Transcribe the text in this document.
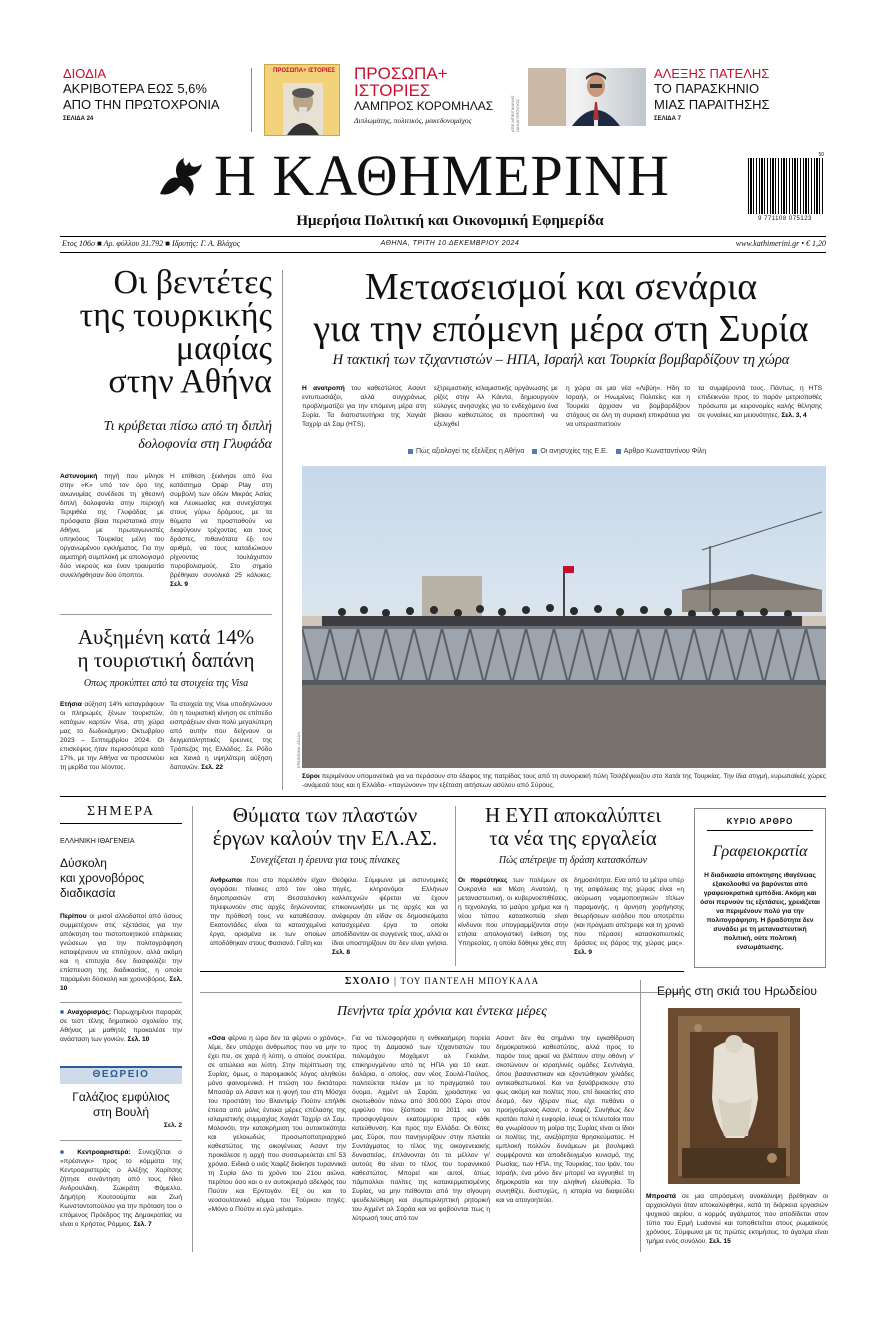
ΔΙΟΔΙΑ
ΑΚΡΙΒΟΤΕΡΑ ΕΩΣ 5,6%
ΑΠΟ ΤΗΝ ΠΡΩΤΟΧΡΟΝΙΑ
ΣΕΛΙΔΑ 24
ΠΡΟΣΩΠΑ+ ΙΣΤΟΡΙΕΣ ΠΡΟΣΩΠΑ+
ΙΣΤΟΡΙΕΣ
ΛΑΜΠΡΟΣ ΚΟΡΟΜΗΛΑΣ
Διπλωμάτης, πολιτικός, μακεδονομάχος	ΑΠΕ-ΜΠΕ/ΓΙΑΝΝΗΣ ΠΑΝΑΓΟΠΟΥΛΟΣ
ΑΛΕΞΗΣ ΠΑΤΕΛΗΣ
ΤΟ ΠΑΡΑΣΚΗΝΙΟ
ΜΙΑΣ ΠΑΡΑΙΤΗΣΗΣ
ΣΕΛΙΔΑ 7
Η ΚΑΘΗΜΕΡΙΝΗ
Ημερήσια Πολιτική και Οικονομική Εφημερίδα
50
9 771108 075123
Ετος 106ο ■ Αρ. φύλλου 31.792 ■ Ιδρυτής: Γ. Α. Βλάχος	ΑΘΗΝΑ, ΤΡΙΤΗ 10 ΔΕΚΕΜΒΡΙΟΥ 2024	www.kathimerini.gr • € 1,20
Οι βεντέτες
της τουρκικής
μαφίας
στην Αθήνα
Τι κρύβεται πίσω από τη διπλή δολοφονία στη Γλυφάδα
Αστυνομική πηγή που μίλησε στην «Κ» υπό τον όρο της ανωνυμίας συνέδεσε τη χθεσινή διπλή δολοφονία στην περιοχή Τερψιθέα της Γλυφάδας με πρόσφατα βίαια περιστατικά στην Αθήνα, με πρωταγωνιστές υπηκόους Τουρκίας μέλη του οργανωμένου εγκλήματος. Για την αιματηρή συμπλοκή με απολογισμό δύο νεκρούς και έναν τραυματία συνελήφθησαν δύο ύποπτοι.
Η επίθεση ξεκίνησε από ένα κατάστημα Opap Play στη συμβολή των οδών Μικράς Ασίας και Λευκωσίας και συνεχίστηκε στους γύρω δρόμους, με τα θύματα να προσπαθούν να διαφύγουν τρέχοντας και τους δράστες, πιθανότατα έξι τον αριθμό, να τους καταδιώκουν ρίχνοντας τουλάχιστον πυροβολισμούς. Στο σημείο βρέθηκαν συνολικά 25 κάλυκες. Σελ. 9
Αυξημένη κατά 14%
η τουριστική δαπάνη
Οπως προκύπτει από τα στοιχεία της Visa
Ετήσια αύξηση 14% καταγράφουν οι πληρωμές ξένων τουριστών, κατόχων καρτών Visa, στη χώρα μας το δωδεκάμηνο Οκτωβρίου 2023 – Σεπτεμβρίου 2024. Οι επισκέψεις ήταν περισσότερα κατά 17%, με την Αθήνα να προσελκύει τη μερίδα του λέοντος.
Τα στοιχεία της Visa υποδηλώνουν ότι η τουριστική κίνηση σε επίπεδο εισπράξεων είναι πολύ μεγαλύτερη από αυτήν που δείχνουν οι δειγματοληπτικές έρευνες της Τράπεζας της Ελλάδος. Σε Ρόδο και Χανιά η υψηλότερη αύξηση δαπανών. Σελ. 22
Μετασεισμοί και σενάρια
για την επόμενη μέρα στη Συρία
Η τακτική των τζιχαντιστών – ΗΠΑ, Ισραήλ και Τουρκία βομβαρδίζουν τη χώρα
Η ανατροπή του καθεστώτος Ασαντ εντυπωσιάζει, αλλά συγχρόνως προβληματίζει για την επόμενη μέρα στη Συρία. Τα διαπιστευτήρια της Χαγιάτ Ταχρίρ αλ Σαμ (HTS),
εξτρεμιστικής ισλαμιστικής οργάνωσης με ρίζες στην Αλ Κάιντα, δημιουργούν εύλογες ανησυχίες για το ενδεχόμενο ένα βίαιου καθεστώτος σε προοπτική να εξελιχθεί
η χώρα σε μια νέα «Λιβύη». Ηδη το Ισραήλ, οι Ηνωμένες Πολιτείες και η Τουρκία άρχισαν να βομβαρδίζουν στόχους σε όλη τη συριακή επικράτεια για να υπερασπιστούν
τα συμφέροντά τους. Πάντως, η HTS επιδεικνύει προς το παρόν μετριοπαθές πρόσωπο με κειρονομίες καλής θέλησης σε γυναίκες και μειονότητες. Σελ. 3, 4
Πώς αξιολογεί τις εξελίξεις η Αθήνα Οι ανησυχίες της Ε.Ε. Αρθρο Κωνσταντίνου Φίλη
EPA/KEMAL ASLAN
Σύροι περιμένουν υπομονετικά για να περάσουν στο έδαφος της πατρίδας τους από τη συνοριακή πύλη Τσιλβέγκιοζου στο Χατάι της Τουρκίας. Την ίδια στιγμή, ευρωπαϊκές χώρες -ανάμεσά τους και η Ελλάδα- «παγώνουν» την εξέταση αιτήσεων ασύλου από Σύρους.
ΣΗΜΕΡΑ
ΕΛΛΗΝΙΚΗ ΙΘΑΓΕΝΕΙΑ
Δύσκολη
και χρονοβόρος
διαδικασία
Περίπου οι μισοί αλλοδαποί από όσους συμμετέχουν στις εξετάσεις για την απόκτηση του πιστοποιητικού επάρκειας γνώσεων για την πολιτογράφηση καταφέρνουν να επιτύχουν, αλλά ακόμη και η επιτυχία δεν διασφαλίζει την επίσπευση της διαδικασίας, η οποία παραμένει δύσκολη και χρονοβόρος. Σελ. 10
■ Αναχορισμός: Παρωχημένοι παροράς σε τεστ τέλης δημοτικού σχολείου της Αθήνας με μαθητές προκαλέσε την ανάσταση των γονιών. Σελ. 10
ΘΕΩΡΕΙΟ
Γαλάζιος εμφύλιος
στη Βουλή
Σελ. 2
■ Κεντροαριστερά: Συνεχίζεται ο «πρέσινγκ» προς το κόμματα της Κεντροαριστεράς ο Αλέξης Χαρίτσης ζήτησε συνάντηση από τους Νίκο Ανδρουλάκη, Σωκράτη Φάμελλο, Δημήτρη Κουτσούμπα και Ζωή Κωνσταντοπούλου για την πρόταση του ο επόμενος Πρόεδρος της Δημοκρατίας να είναι ο Χρήστος Ρόμμος. Σελ. 7
Θύματα των πλαστών
έργων καλούν την ΕΛ.ΑΣ.
Συνεχίζεται η έρευνα για τους πίνακες
Ανθρωποι που στο παρελθόν είχαν αγοράσει πίνακες από τον οίκο δημοπρασιών στη Θεσσαλονίκη τηλεφωνούν στις αρχές δηλώνοντας την πρόθεσή τους να καταθέσουν. Εκατοντάδες είναι τα κατασχεμένα έργα, ορισμένα εκ των οποίων αποδόθηκαν στους Φασιανό, Γαΐτη και
Θεόφιλο. Σύμφωνα με αστυνομικές πηγές, κληρονόμοι Ελλήνων καλλιτεχνών φέρεται να έχουν επικοινωνήσει με τις αρχές και να ανέφεραν ότι είδαν σε δημοσιεύματα κατασχεμένα έργα τα οποία αποδίδονταν σε συγγενείς τους, αλλά οι ίδιοι υποστηρίζουν ότι δεν είναι γνήσια. Σελ. 8
Η ΕΥΠ αποκαλύπτει
τα νέα της εργαλεία
Πώς απέτρεψε τη δράση κατασκόπων
Οι πορεύτηκες των πολέμων σε Ουκρανία και Μέση Ανατολή, η μεταναστευτική, οι κυβερνοεπιθέσεις, η τεχνολογία, το μαύρο χρήμα και η νέου τύπου κατασκοπεία είναι κίνδυνοι που υπογραμμίζονται στην ετήσια απολογιστική έκθεση της Υπηρεσίας, η οποία δόθηκε χθες στη
δημοσιότητα. Ενα από τα μέτρα υπέρ της ασφάλειας της χώρας είναι «η ακύρωση νομιμοποιητικών τίτλων παραμονής, η άρνηση χορήγησης θεωρήσεων εισόδου που αποτρέπει (και πράγματι απέτρεψε και τη χρονιά που πέρασε) κατασκοπευτικές δράσεις εις βάρος της χώρας μας». Σελ. 9
ΚΥΡΙΟ ΑΡΘΡΟ
Γραφειοκρατία
Η διαδικασία απόκτησης ιθαγένειας εξακολουθεί να βαρύνεται από γραφειοκρατικά εμπόδια. Ακόμη και όσοι περνούν τις εξετάσεις, χρειάζεται να περιμένουν πολύ για την πολιτογράφηση. Η βραδύτητα δεν συνάδει με τη μεταναστευτική πολιτική, ούτε πολιτική ενσωμάτωσης.
ΣΧΟΛΙΟ | ΤΟΥ ΠΑΝΤΕΛΗ ΜΠΟΥΚΑΛΑ
Πενήντα τρία χρόνια και έντεκα μέρες
«Οσα φέρνει η ώρα δεν τα φέρνει ο χρόνος», λέμε, δεν υπάρχει άνθρωπος που να μην το έχει πει, σε χαρά ή λύπη, ο οποίος συνετέρα, σε απώλεια και λύπη. Στην περίπτωση της Συρίας, όμως, ο παροιμιακός λόγος αληθεύει μόνο φαινομενικά. Η πτώση του δικτάτορα Μπασάρ αλ Ασαντ και η φυγή του στη Μόσχα του προστάτη του Βλαντιμίρ Πούτιν επήλθε έπειτα από μόλις έντεκα μέρες επέλασης της ισλαμιστικής συμμαχίας Χαγιάτ Ταχρίρ αλ Σαμ. Μολονότι, την κατακρήμιση του αυτοκτικότητα και γελοιωδώς προσωποπατριαρχικό καθεστώτος της οικογένειας Ασαντ την προκάλεσε η αρχή που συσσωρεύεται επί 53 χρόνια. Ειδικά ο υιός Χαφέζ διοίκησε τυραννικά τη Συρία όλο το χρόνο του 21ου αιώνα, περίπου όσο και ο εν αυτοκρισμό αδελφός του Πούτιν και Ερντογάν. Εξ ου και το νεοσουλτανικό κόμμα του Τούρκου πηγές: «Μόνο ο Πούτιν κι εγώ μείναμε».
Για να τελεσφορήσει η ενθεκαήμερη πορεία προς τη Δαμασκό των τζιχαντιστών του πολυμάχου Μοχάμεντ αλ Γκολάνι, επικηρυγμένου από τις ΗΠΑ για 10 εκατ. δολάρια, ο οποίος, σαν νέος Σουλά-Παύλος, πολιτεύεται πλέον με το πραγματικό του όνομα, Αχμέντ αλ Σαράα, χρειάστηκε να σκοτωθούν πάνω από 300.000 Σύροι στον εμφύλιο που ξέσπασε το 2011 και να προσφυγέψουν εκατομμύρια προς κάθε κατεύθυνση. Και προς την Ελλάδα. Οι θύτες μας Σύροι, που πανηγυρίζουν στην πλατεία Συντάγματος το τέλος της οικογενειακής δυναστείας, έπλάνονται ότι το μέλλον γι' αυτούς θα είναι το τέλος του τυραννικού καθεστώτος. Μπορεί και αυτοί, όπως πάμπολλοι πολίτες της κατακερματισμένης Συρίας, να μην πείθονται από την σίγουρη ψευδελεύθερη και συμπεριληπτική ρητορική του Αχμέντ αλ Σαράα και να φοβούνται πως η λύτρωσή τους από τον
Ασαντ δεν θα σημάνει την εγκαθίδρυση δημοκρατικού καθεστώτος, αλλά προς το παρόν τους αρκεί να βλέπουν στην οθόνη ν' σκοτώνουν οι ισραηλινές ομάδες Σεντνάγια, όπου βασανιστικαν και εξοντώθηκαν χιλιάδες αντικαθεστωτικοί. Και να ξανάβρισκουν στο φως ακόμη και πολίτες που, επί δεκαετίες στο δεσμό, δεν ήξεραν πως είχε πεθάνει ο προηγούμενος Ασαντ, ο Χαφέζ. Συνήθως δεν κρατάει πολύ η ευφορία. Ισως οι τελευταίοι που θα γνωρίσουν τη μοίρα της Συρίας είναι οι ίδιοι οι πολίτες της, ανεξάρτητα θρησκεύματος. Η εμπλοκή πολλών δυνάμεων με βουλιμικά συμφέροντα και αποδεδειγμένο κυνισμό, της Ρωσίας, των ΗΠΑ, της Τουρκίας, του Ιράν, του Ισραήλ, ένα μόνο δεν μπορεί να εγγυηθεί: τη δημοκρατία και την αληθινή ελευθερία. Το συνηθίζει, δυστυχώς, η ιστορία να διαψεύδει και να απογοητεύει.
Ερμής στη σκιά του Ηρωδείου
Μπροστά σε μια απρόσμενη ανακάλυψη βρέθηκαν οι αρχαιολόγοι όταν αποκαλύφθηκε, κατά τη διάρκεια εργασιών ψυχικού αερίου, ο κορμός αγάλματος που αποδίδεται στον τύπο του Ερμή Ludovisi και τοποθετείται στους ρωμαϊκούς χρόνους. Σύμφωνα με τις πρώτες εκτιμήσεις, το άγαλμα είναι τμήμα ενός συνόλου. Σελ. 15
